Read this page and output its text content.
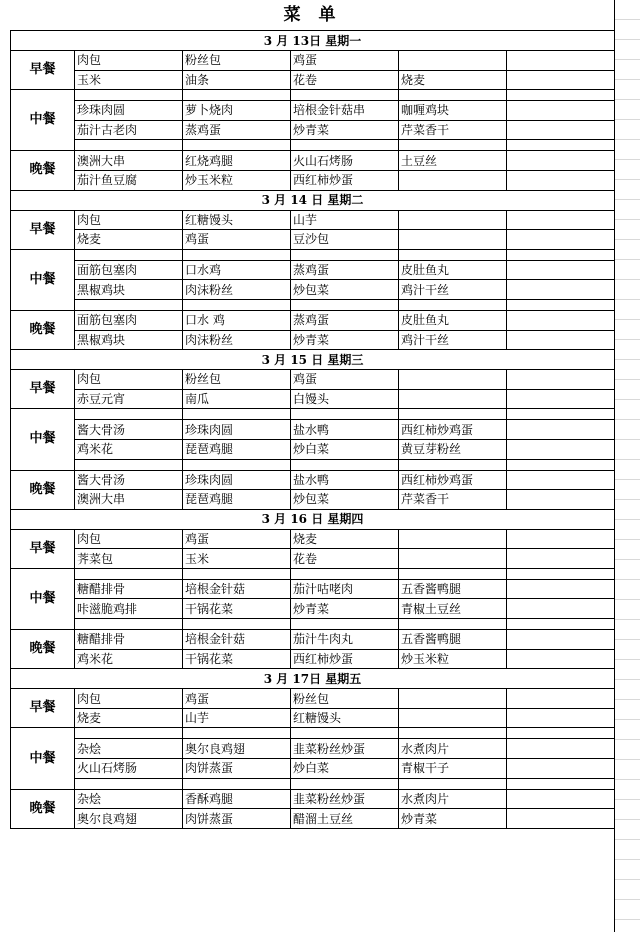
菜 单					
3 月 13日 星期一					
早餐	肉包	粉丝包	鸡蛋		
	玉米	油条	花卷	烧麦	
中餐					
	珍珠肉圆	萝卜烧肉	培根金针菇串	咖喱鸡块	
	茄汁古老肉	蒸鸡蛋	炒青菜	芹菜香干	

晚餐	澳洲大串	红烧鸡腿	火山石烤肠	土豆丝	
	茄汁鱼豆腐	炒玉米粒	西红柿炒蛋		
3 月 14 日 星期二					
早餐	肉包	红糖馒头	山芋		
	烧麦	鸡蛋	豆沙包		
中餐					
	面筋包塞肉	口水鸡	蒸鸡蛋	皮肚鱼丸	
	黑椒鸡块	肉沫粉丝	炒包菜	鸡汁干丝	

晚餐	面筋包塞肉	口水 鸡	蒸鸡蛋	皮肚鱼丸	
	黑椒鸡块	肉沫粉丝	炒青菜	鸡汁干丝	
3 月 15 日 星期三					
早餐	肉包	粉丝包	鸡蛋		
	赤豆元宵	南瓜	白馒头		
中餐					
	酱大骨汤	珍珠肉圆	盐水鸭	西红柿炒鸡蛋	
	鸡米花	琵琶鸡腿	炒白菜	黄豆芽粉丝	

晚餐	酱大骨汤	珍珠肉圆	盐水鸭	西红柿炒鸡蛋	
	澳洲大串	琵琶鸡腿	炒包菜	芹菜香干	
3 月 16 日 星期四					
早餐	肉包	鸡蛋	烧麦		
	荠菜包	玉米	花卷		
中餐					
	糖醋排骨	培根金针菇	茄汁咕咾肉	五香酱鸭腿	
	咔滋脆鸡排	干锅花菜	炒青菜	青椒土豆丝	

晚餐	糖醋排骨	培根金针菇	茄汁牛肉丸	五香酱鸭腿	
	鸡米花	干锅花菜	西红柿炒蛋	炒玉米粒	
3 月 17日 星期五					
早餐	肉包	鸡蛋	粉丝包		
	烧麦	山芋	红糖馒头		
中餐					
	杂烩	奥尔良鸡翅	韭菜粉丝炒蛋	水煮肉片	
	火山石烤肠	肉饼蒸蛋	炒白菜	青椒干子	

晚餐	杂烩	香酥鸡腿	韭菜粉丝炒蛋	水煮肉片	
	奥尔良鸡翅	肉饼蒸蛋	醋溜土豆丝	炒青菜	
